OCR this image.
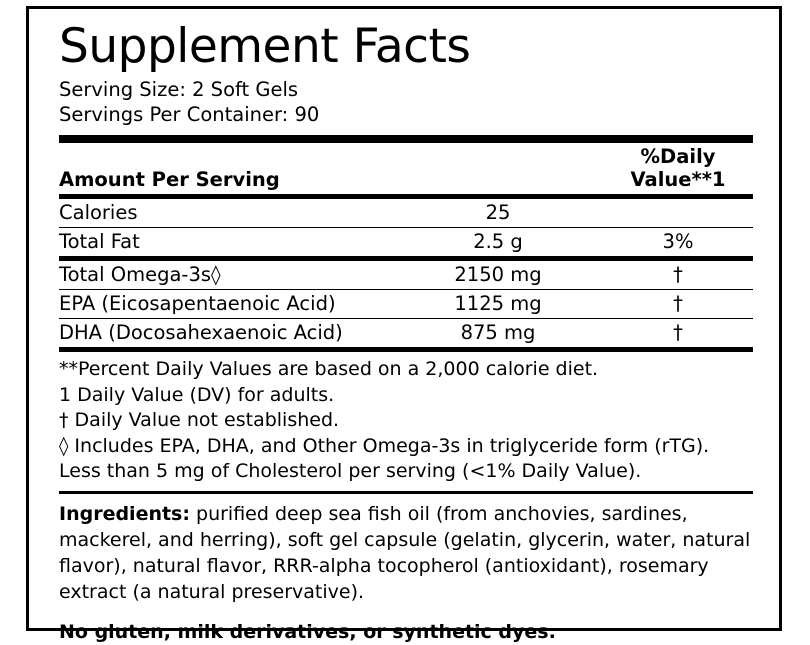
Supplement Facts
Serving Size: 2 Soft Gels
Servings Per Container: 90
Amount Per Serving		%Daily Value**1
Calories	25	
Total Fat	2.5 g	3%
Total Omega-3s◊	2150 mg	†
EPA (Eicosapentaenoic Acid)	1125 mg	†
DHA (Docosahexaenoic Acid)	875 mg	†
**Percent Daily Values are based on a 2,000 calorie diet.
1 Daily Value (DV) for adults.
† Daily Value not established.
◊ Includes EPA, DHA, and Other Omega-3s in triglyceride form (rTG).
Less than 5 mg of Cholesterol per serving (<1% Daily Value).
Ingredients: purified deep sea fish oil (from anchovies, sardines, mackerel, and herring), soft gel capsule (gelatin, glycerin, water, natural flavor), natural flavor, RRR-alpha tocopherol (antioxidant), rosemary extract (a natural preservative).
No gluten, milk derivatives, or synthetic dyes.
